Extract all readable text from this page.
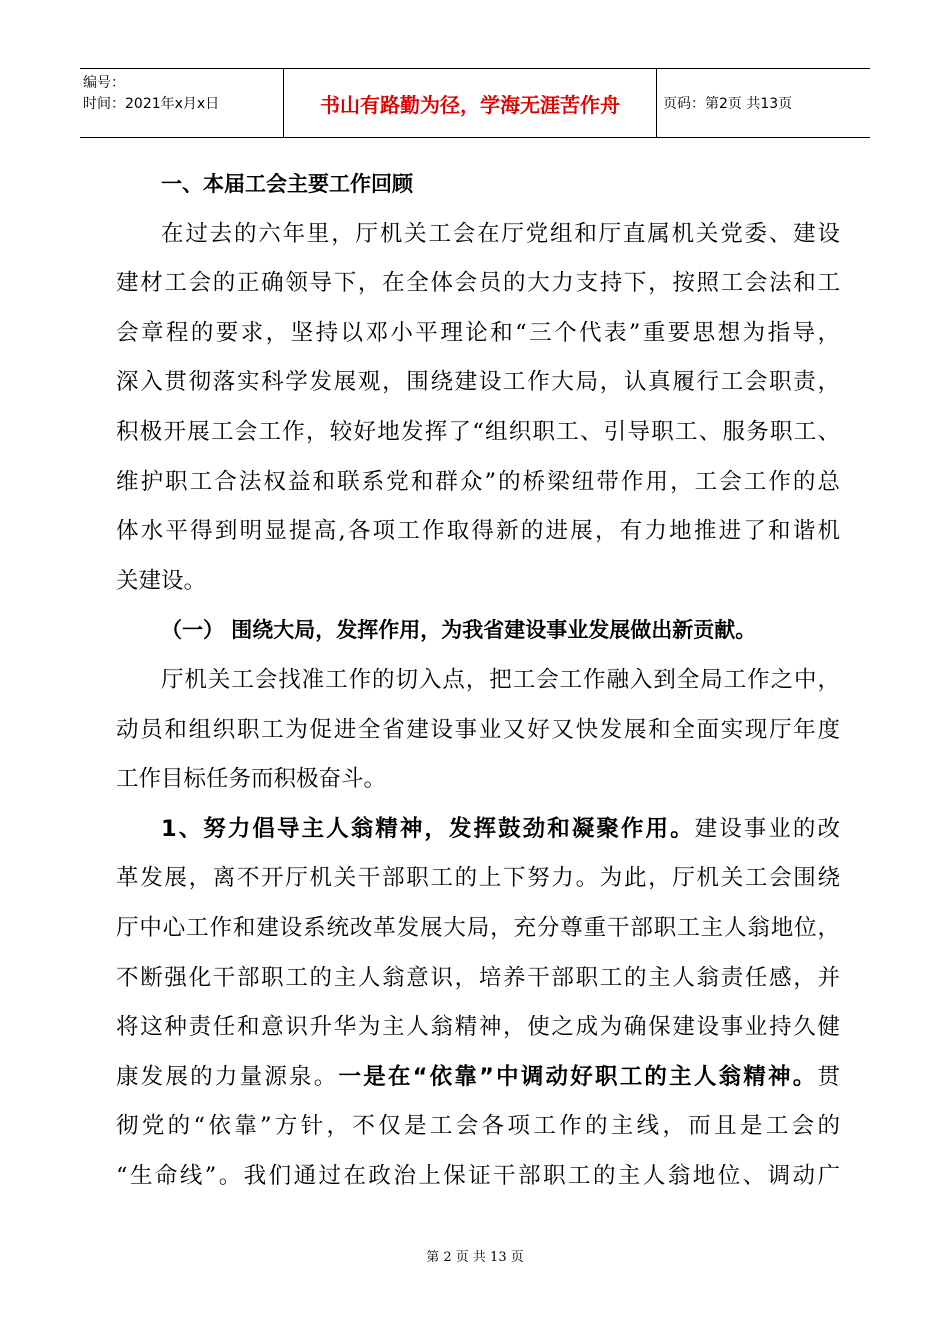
编号：
时间：2021年x月x日	书山有路勤为径，学海无涯苦作舟	页码：第2页 共13页
一、本届工会主要工作回顾
在过去的六年里，厅机关工会在厅党组和厅直属机关党委、建设
建材工会的正确领导下，在全体会员的大力支持下，按照工会法和工
会章程的要求，坚持以邓小平理论和“三个代表”重要思想为指导，
深入贯彻落实科学发展观，围绕建设工作大局，认真履行工会职责，
积极开展工会工作，较好地发挥了“组织职工、引导职工、服务职工、
维护职工合法权益和联系党和群众”的桥梁纽带作用，工会工作的总
体水平得到明显提高,各项工作取得新的进展，有力地推进了和谐机
关建设。
（一） 围绕大局，发挥作用，为我省建设事业发展做出新贡献。
厅机关工会找准工作的切入点，把工会工作融入到全局工作之中，
动员和组织职工为促进全省建设事业又好又快发展和全面实现厅年度
工作目标任务而积极奋斗。
1、努力倡导主人翁精神，发挥鼓劲和凝聚作用。建设事业的改
革发展，离不开厅机关干部职工的上下努力。为此，厅机关工会围绕
厅中心工作和建设系统改革发展大局，充分尊重干部职工主人翁地位，
不断强化干部职工的主人翁意识，培养干部职工的主人翁责任感，并
将这种责任和意识升华为主人翁精神，使之成为确保建设事业持久健
康发展的力量源泉。一是在“依靠”中调动好职工的主人翁精神。贯
彻党的“依靠”方针，不仅是工会各项工作的主线，而且是工会的
“生命线”。我们通过在政治上保证干部职工的主人翁地位、调动广
第 2 页 共 13 页
